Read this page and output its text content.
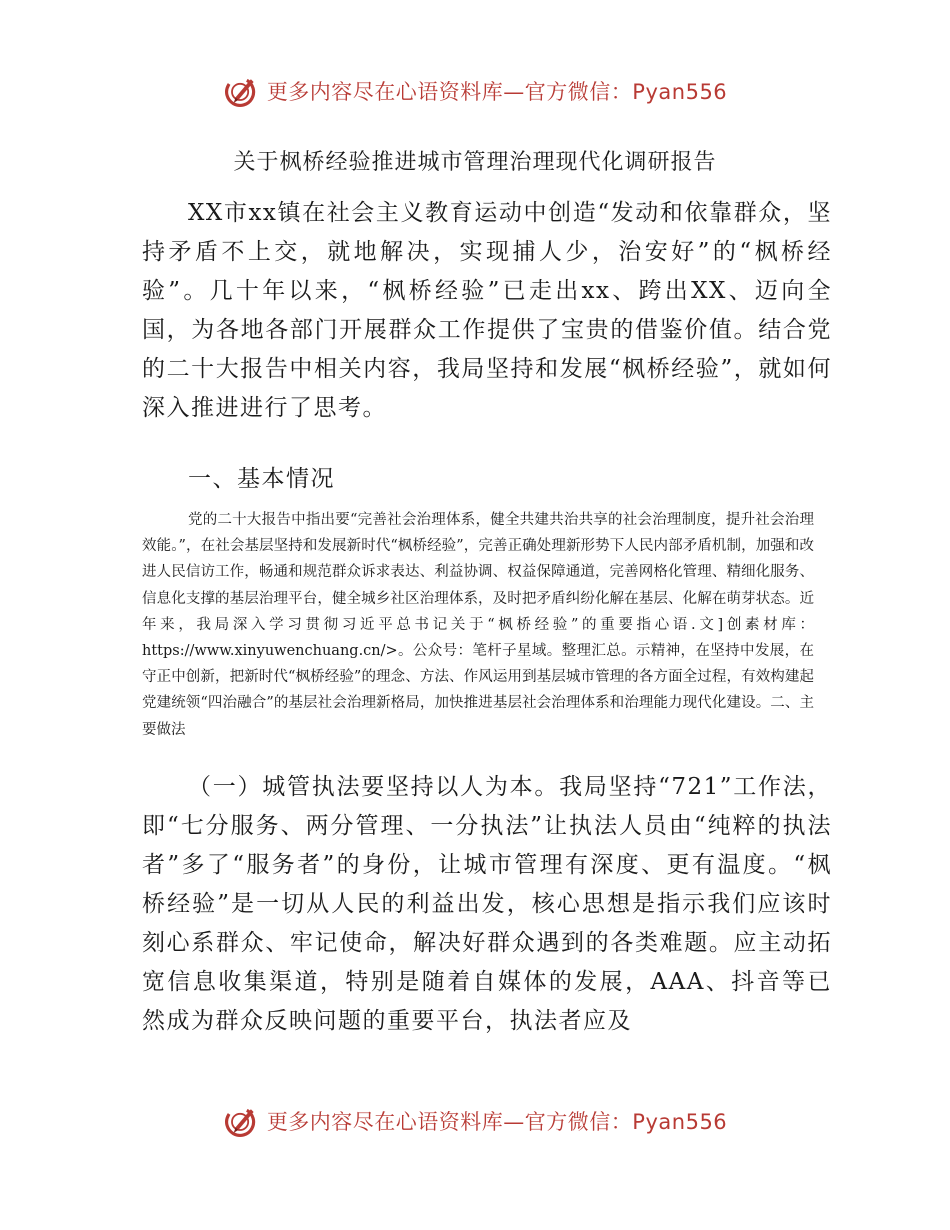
更多内容尽在心语资料库—官方微信：Pyan556
关于枫桥经验推进城市管理治理现代化调研报告

XX市xx镇在社会主义教育运动中创造“发动和依靠群众，坚持矛盾不上交，就地解决，实现捕人少，治安好”的“枫桥经验”。几十年以来，“枫桥经验”已走出xx、跨出XX、迈向全国，为各地各部门开展群众工作提供了宝贵的借鉴价值。结合党的二十大报告中相关内容，我局坚持和发展“枫桥经验”，就如何深入推进进行了思考。

一、基本情况

党的二十大报告中指出要“完善社会治理体系，健全共建共治共享的社会治理制度，提升社会治理效能。”，在社会基层坚持和发展新时代“枫桥经验”，完善正确处理新形势下人民内部矛盾机制，加强和改进人民信访工作，畅通和规范群众诉求表达、利益协调、权益保障通道，完善网格化管理、精细化服务、信息化支撑的基层治理平台，健全城乡社区治理体系，及时把矛盾纠纷化解在基层、化解在萌芽状态。近年来，我局深入学习贯彻习近平总书记关于“枫桥经验”的重要指心语.文]创素材库：https://www.xinyuwenchuang.cn/>。公众号：笔杆子星域。整理汇总。示精神，在坚持中发展，在守正中创新，把新时代“枫桥经验”的理念、方法、作风运用到基层城市管理的各方面全过程，有效构建起党建统领“四治融合”的基层社会治理新格局，加快推进基层社会治理体系和治理能力现代化建设。二、主要做法

（一）城管执法要坚持以人为本。我局坚持“721”工作法，即“七分服务、两分管理、一分执法”让执法人员由“纯粹的执法者”多了“服务者”的身份，让城市管理有深度、更有温度。“枫桥经验”是一切从人民的利益出发，核心思想是指示我们应该时刻心系群众、牢记使命，解决好群众遇到的各类难题。应主动拓宽信息收集渠道，特别是随着自媒体的发展，AAA、抖音等已然成为群众反映问题的重要平台，执法者应及

更多内容尽在心语资料库—官方微信：Pyan556
